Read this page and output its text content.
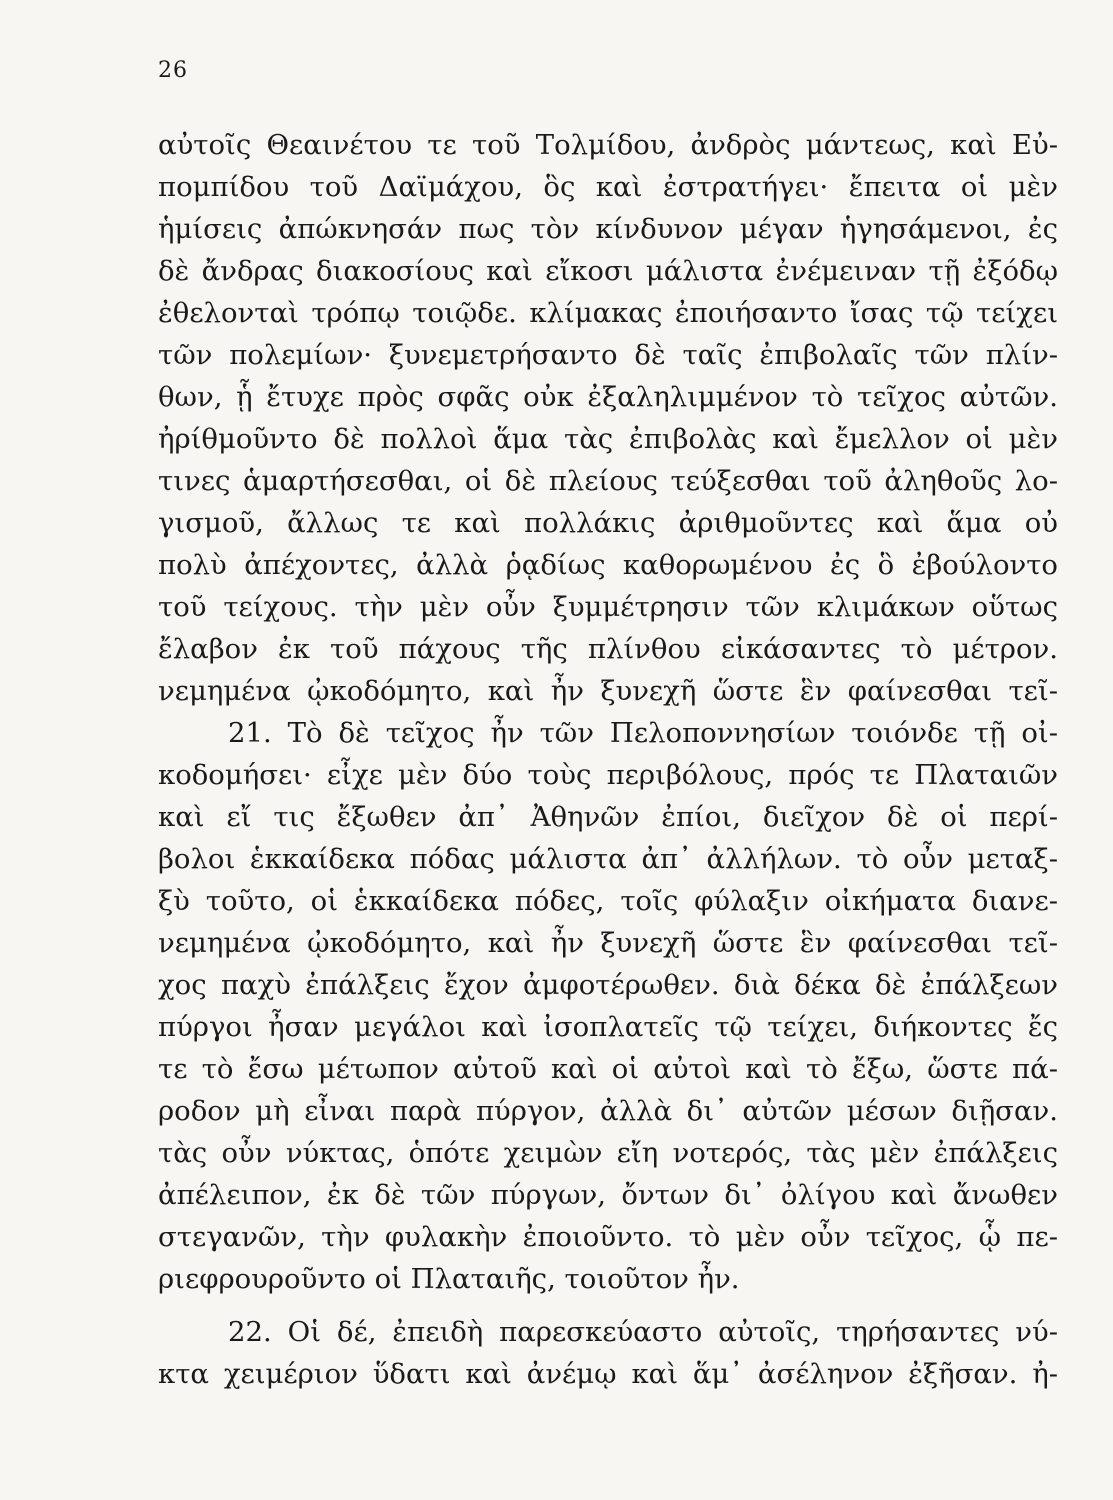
26
αὐτοῖς Θεαινέτου τε τοῦ Τολμίδου, ἀνδρὸς μάντεως, καὶ Εὐ-
πομπίδου τοῦ Δαϊμάχου, ὃς καὶ ἐστρατήγει· ἔπειτα οἱ μὲν
ἡμίσεις ἀπώκνησάν πως τὸν κίνδυνον μέγαν ἡγησάμενοι, ἐς
δὲ ἄνδρας διακοσίους καὶ εἴκοσι μάλιστα ἐνέμειναν τῇ ἐξόδῳ
ἐθελονταὶ τρόπῳ τοιῷδε. κλίμακας ἐποιήσαντο ἴσας τῷ τείχει
τῶν πολεμίων· ξυνεμετρήσαντο δὲ ταῖς ἐπιβολαῖς τῶν πλίν-
θων, ᾗ ἔτυχε πρὸς σφᾶς οὐκ ἐξαληλιμμένον τὸ τεῖχος αὐτῶν.
ἠρίθμοῦντο δὲ πολλοὶ ἅμα τὰς ἐπιβολὰς καὶ ἔμελλον οἱ μὲν
τινες ἁμαρτήσεσθαι, οἱ δὲ πλείους τεύξεσθαι τοῦ ἀληθοῦς λο-
γισμοῦ, ἄλλως τε καὶ πολλάκις ἀριθμοῦντες καὶ ἅμα οὐ
πολὺ ἀπέχοντες, ἀλλὰ ῥᾳδίως καθορωμένου ἐς ὃ ἐβούλοντο
τοῦ τείχους. τὴν μὲν οὖν ξυμμέτρησιν τῶν κλιμάκων οὕτως
ἔλαβον ἐκ τοῦ πάχους τῆς πλίνθου εἰκάσαντες τὸ μέτρον.
νεμημένα ᾠκοδόμητο, καὶ ἦν ξυνεχῆ ὥστε ἓν φαίνεσθαι τεῖ-
21. Τὸ δὲ τεῖχος ἦν τῶν Πελοποννησίων τοιόνδε τῇ οἰ-
κοδομήσει· εἶχε μὲν δύο τοὺς περιβόλους, πρός τε Πλαταιῶν
καὶ εἴ τις ἔξωθεν ἀπ᾽ Ἀθηνῶν ἐπίοι, διεῖχον δὲ οἱ περί-
βολοι ἑκκαίδεκα πόδας μάλιστα ἀπ᾽ ἀλλήλων. τὸ οὖν μεταξ-
ξὺ τοῦτο, οἱ ἑκκαίδεκα πόδες, τοῖς φύλαξιν οἰκήματα διανε-
νεμημένα ᾠκοδόμητο, καὶ ἦν ξυνεχῆ ὥστε ἓν φαίνεσθαι τεῖ-
χος παχὺ ἐπάλξεις ἔχον ἀμφοτέρωθεν. διὰ δέκα δὲ ἐπάλξεων
πύργοι ἦσαν μεγάλοι καὶ ἰσοπλατεῖς τῷ τείχει, διήκοντες ἔς
τε τὸ ἔσω μέτωπον αὐτοῦ καὶ οἱ αὐτοὶ καὶ τὸ ἔξω, ὥστε πά-
ροδον μὴ εἶναι παρὰ πύργον, ἀλλὰ δι᾽ αὐτῶν μέσων διῇσαν.
τὰς οὖν νύκτας, ὁπότε χειμὼν εἴη νοτερός, τὰς μὲν ἐπάλξεις
ἀπέλειπον, ἐκ δὲ τῶν πύργων, ὄντων δι᾽ ὀλίγου καὶ ἄνωθεν
στεγανῶν, τὴν φυλακὴν ἐποιοῦντο. τὸ μὲν οὖν τεῖχος, ᾧ πε-
ριεφρουροῦντο οἱ Πλαταιῆς, τοιοῦτον ἦν.
22. Οἱ δέ, ἐπειδὴ παρεσκεύαστο αὐτοῖς, τηρήσαντες νύ-
κτα χειμέριον ὕδατι καὶ ἀνέμῳ καὶ ἅμ᾽ ἀσέληνον ἐξῆσαν. ἠ-
